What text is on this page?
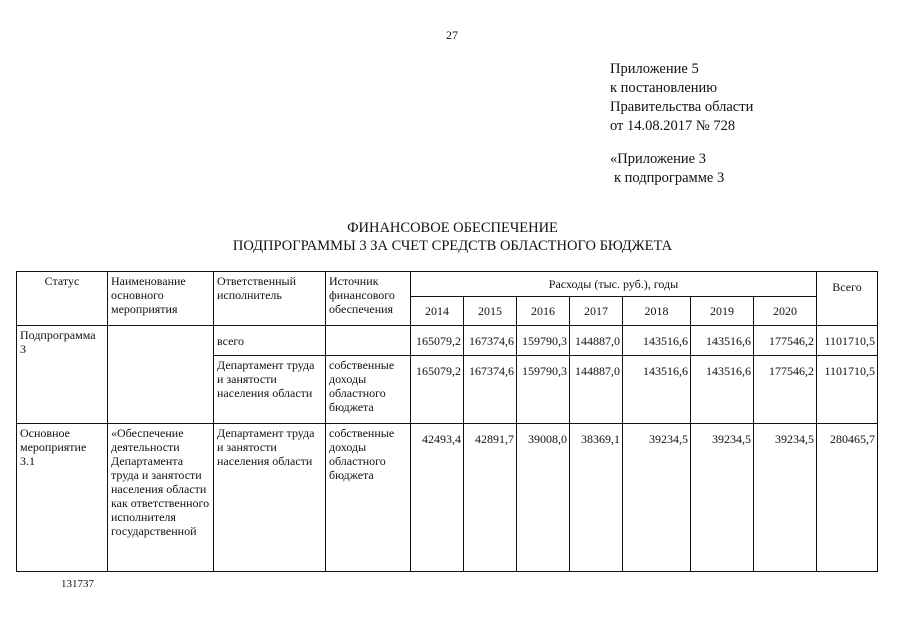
27
Приложение 5
к постановлению
Правительства области
от 14.08.2017 № 728
«Приложение 3
к подпрограмме 3
ФИНАНСОВОЕ ОБЕСПЕЧЕНИЕ
ПОДПРОГРАММЫ 3 ЗА СЧЕТ СРЕДСТВ ОБЛАСТНОГО БЮДЖЕТА
Статус	Наименование основного мероприятия	Ответственный исполнитель	Источник финансового обеспечения	Расходы (тыс. руб.), годы							Всего
				2014	2015	2016	2017	2018	2019	2020	
Подпрограмма 3		всего		165079,2	167374,6	159790,3	144887,0	143516,6	143516,6	177546,2	1101710,5
		Департамент труда и занятости населения области	собственные доходы областного бюджета	165079,2	167374,6	159790,3	144887,0	143516,6	143516,6	177546,2	1101710,5
Основное мероприятие 3.1	«Обеспечение деятельности Департамента труда и занятости населения области как ответственного исполнителя государственной	Департамент труда и занятости населения области	собственные доходы областного бюджета	42493,4	42891,7	39008,0	38369,1	39234,5	39234,5	39234,5	280465,7
131737
